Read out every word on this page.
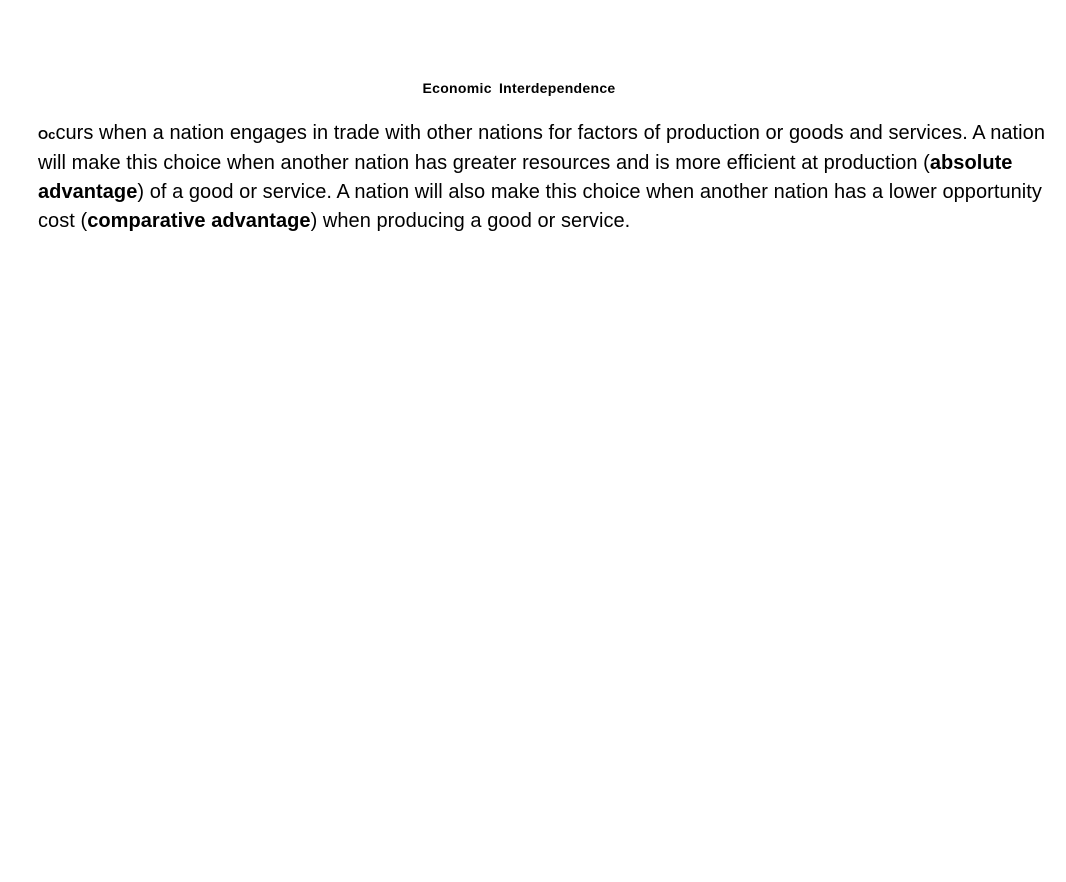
Economic Interdependence

Occurs when a nation engages in trade with other nations for factors of production or goods and services. A nation will make this choice when another nation has greater resources and is more efficient at production (absolute advantage) of a good or service. A nation will also make this choice when another nation has a lower opportunity cost (comparative advantage) when producing a good or service.
